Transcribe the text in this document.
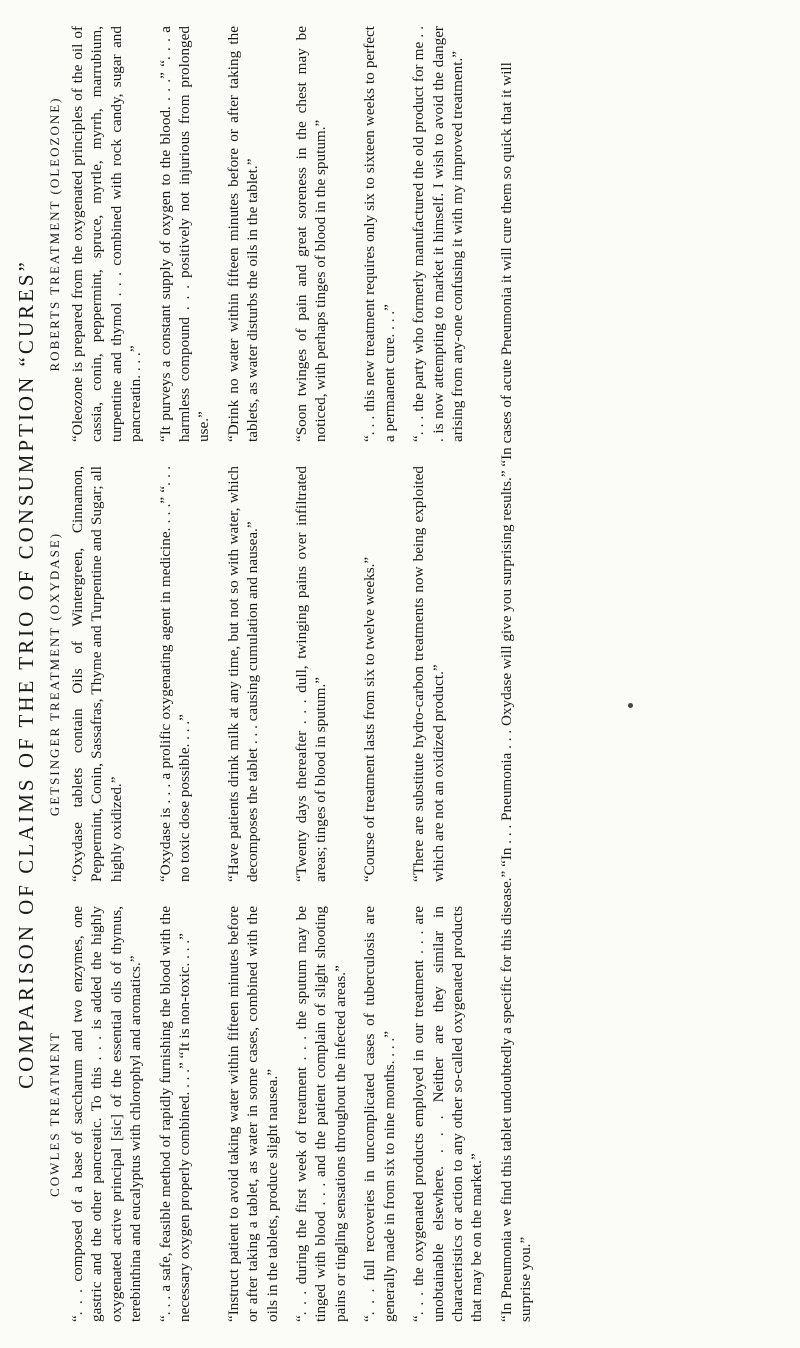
COMPARISON OF CLAIMS OF THE TRIO OF CONSUMPTION “CURES”
COWLES TREATMENT
GETSINGER TREATMENT (OXYDASE)
ROBERTS TREATMENT (OLEOZONE)
“. . . composed of a base of saccharum and two enzymes, one gastric and the other pancreatic. To this . . . is added the highly oxygenated active principal [sic] of the essential oils of thymus, terebinthina and eucalyptus with chlorophyl and aromatics.”
“Oxydase tablets contain Oils of Wintergreen, Cinnamon, Peppermint, Conin, Sassafras, Thyme and Turpentine and Sugar; all highly oxidized.”
“Oleozone is prepared from the oxygenated principles of the oil of cassia, conin, peppermint, spruce, myrtle, myrrh, marrubium, turpentine and thymol . . . combined with rock candy, sugar and pancreatin. . . .”
“. . . a safe, feasible method of rapidly furnishing the blood with the necessary oxygen properly combined. . . .” “It is non-toxic. . . .”
“Oxydase is . . . a prolific oxygenating agent in medicine. . . .” “. . . no toxic dose possible. . . .”
“It purveys a constant supply of oxygen to the blood. . . .” “. . . a harmless compound . . . positively not injurious from prolonged use.”
“Instruct patient to avoid taking water within fifteen minutes before or after taking a tablet, as water in some cases, combined with the oils in the tablets, produce slight nausea.”
“Have patients drink milk at any time, but not so with water, which decomposes the tablet . . . causing cumulation and nausea.”
“Drink no water within fifteen minutes before or after taking the tablets, as water disturbs the oils in the tablet.”
“. . . during the first week of treatment . . . the sputum may be tinged with blood . . . and the patient complain of slight shooting pains or tingling sensations throughout the infected areas.”
“Twenty days thereafter . . . dull, twinging pains over infiltrated areas; tinges of blood in sputum.”
“Soon twinges of pain and great soreness in the chest may be noticed, with perhaps tinges of blood in the sputum.”
“. . . full recoveries in uncomplicated cases of tuberculosis are generally made in from six to nine months. . . .”
“Course of treatment lasts from six to twelve weeks.”
“. . . this new treatment requires only six to sixteen weeks to perfect a permanent cure. . . .”
“. . . the oxygenated products employed in our treatment . . . are unobtainable elsewhere. . . . Neither are they similar in characteristics or action to any other so-called oxygenated products that may be on the market.”
“There are substitute hydro-carbon treatments now being exploited which are not an oxidized product.”
“. . . the party who formerly manufactured the old product for me . . . is now attempting to market it himself. I wish to avoid the danger arising from any-one confusing it with my improved treatment.”	“In Pneumonia we find this tablet undoubtedly a specific for this disease.” “In . . . Pneumonia . . . Oxydase will give you surprising results.” “In cases of acute Pneumonia it will cure them so quick that it will surprise you.”
